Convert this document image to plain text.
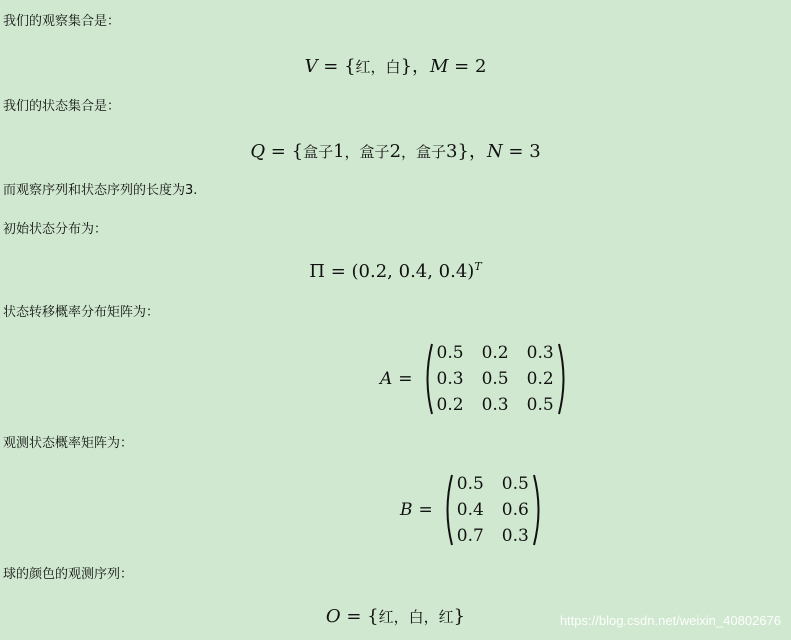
我们的观察集合是：
V = {红，白}，M = 2
我们的状态集合是：
Q = {盒子1，盒子2，盒子3}，N = 3
而观察序列和状态序列的长度为3.
初始状态分布为：
Π = (0.2, 0.4, 0.4)$^T$
状态转移概率分布矩阵为：
A =
0.5 0.2 0.3
0.3 0.5 0.2
0.2 0.3 0.5
观测状态概率矩阵为：
B =
0.5 0.5
0.4 0.6
0.7 0.3
球的颜色的观测序列：
O = {红，白，红}	https://blog.csdn.net/weixin_40802676
